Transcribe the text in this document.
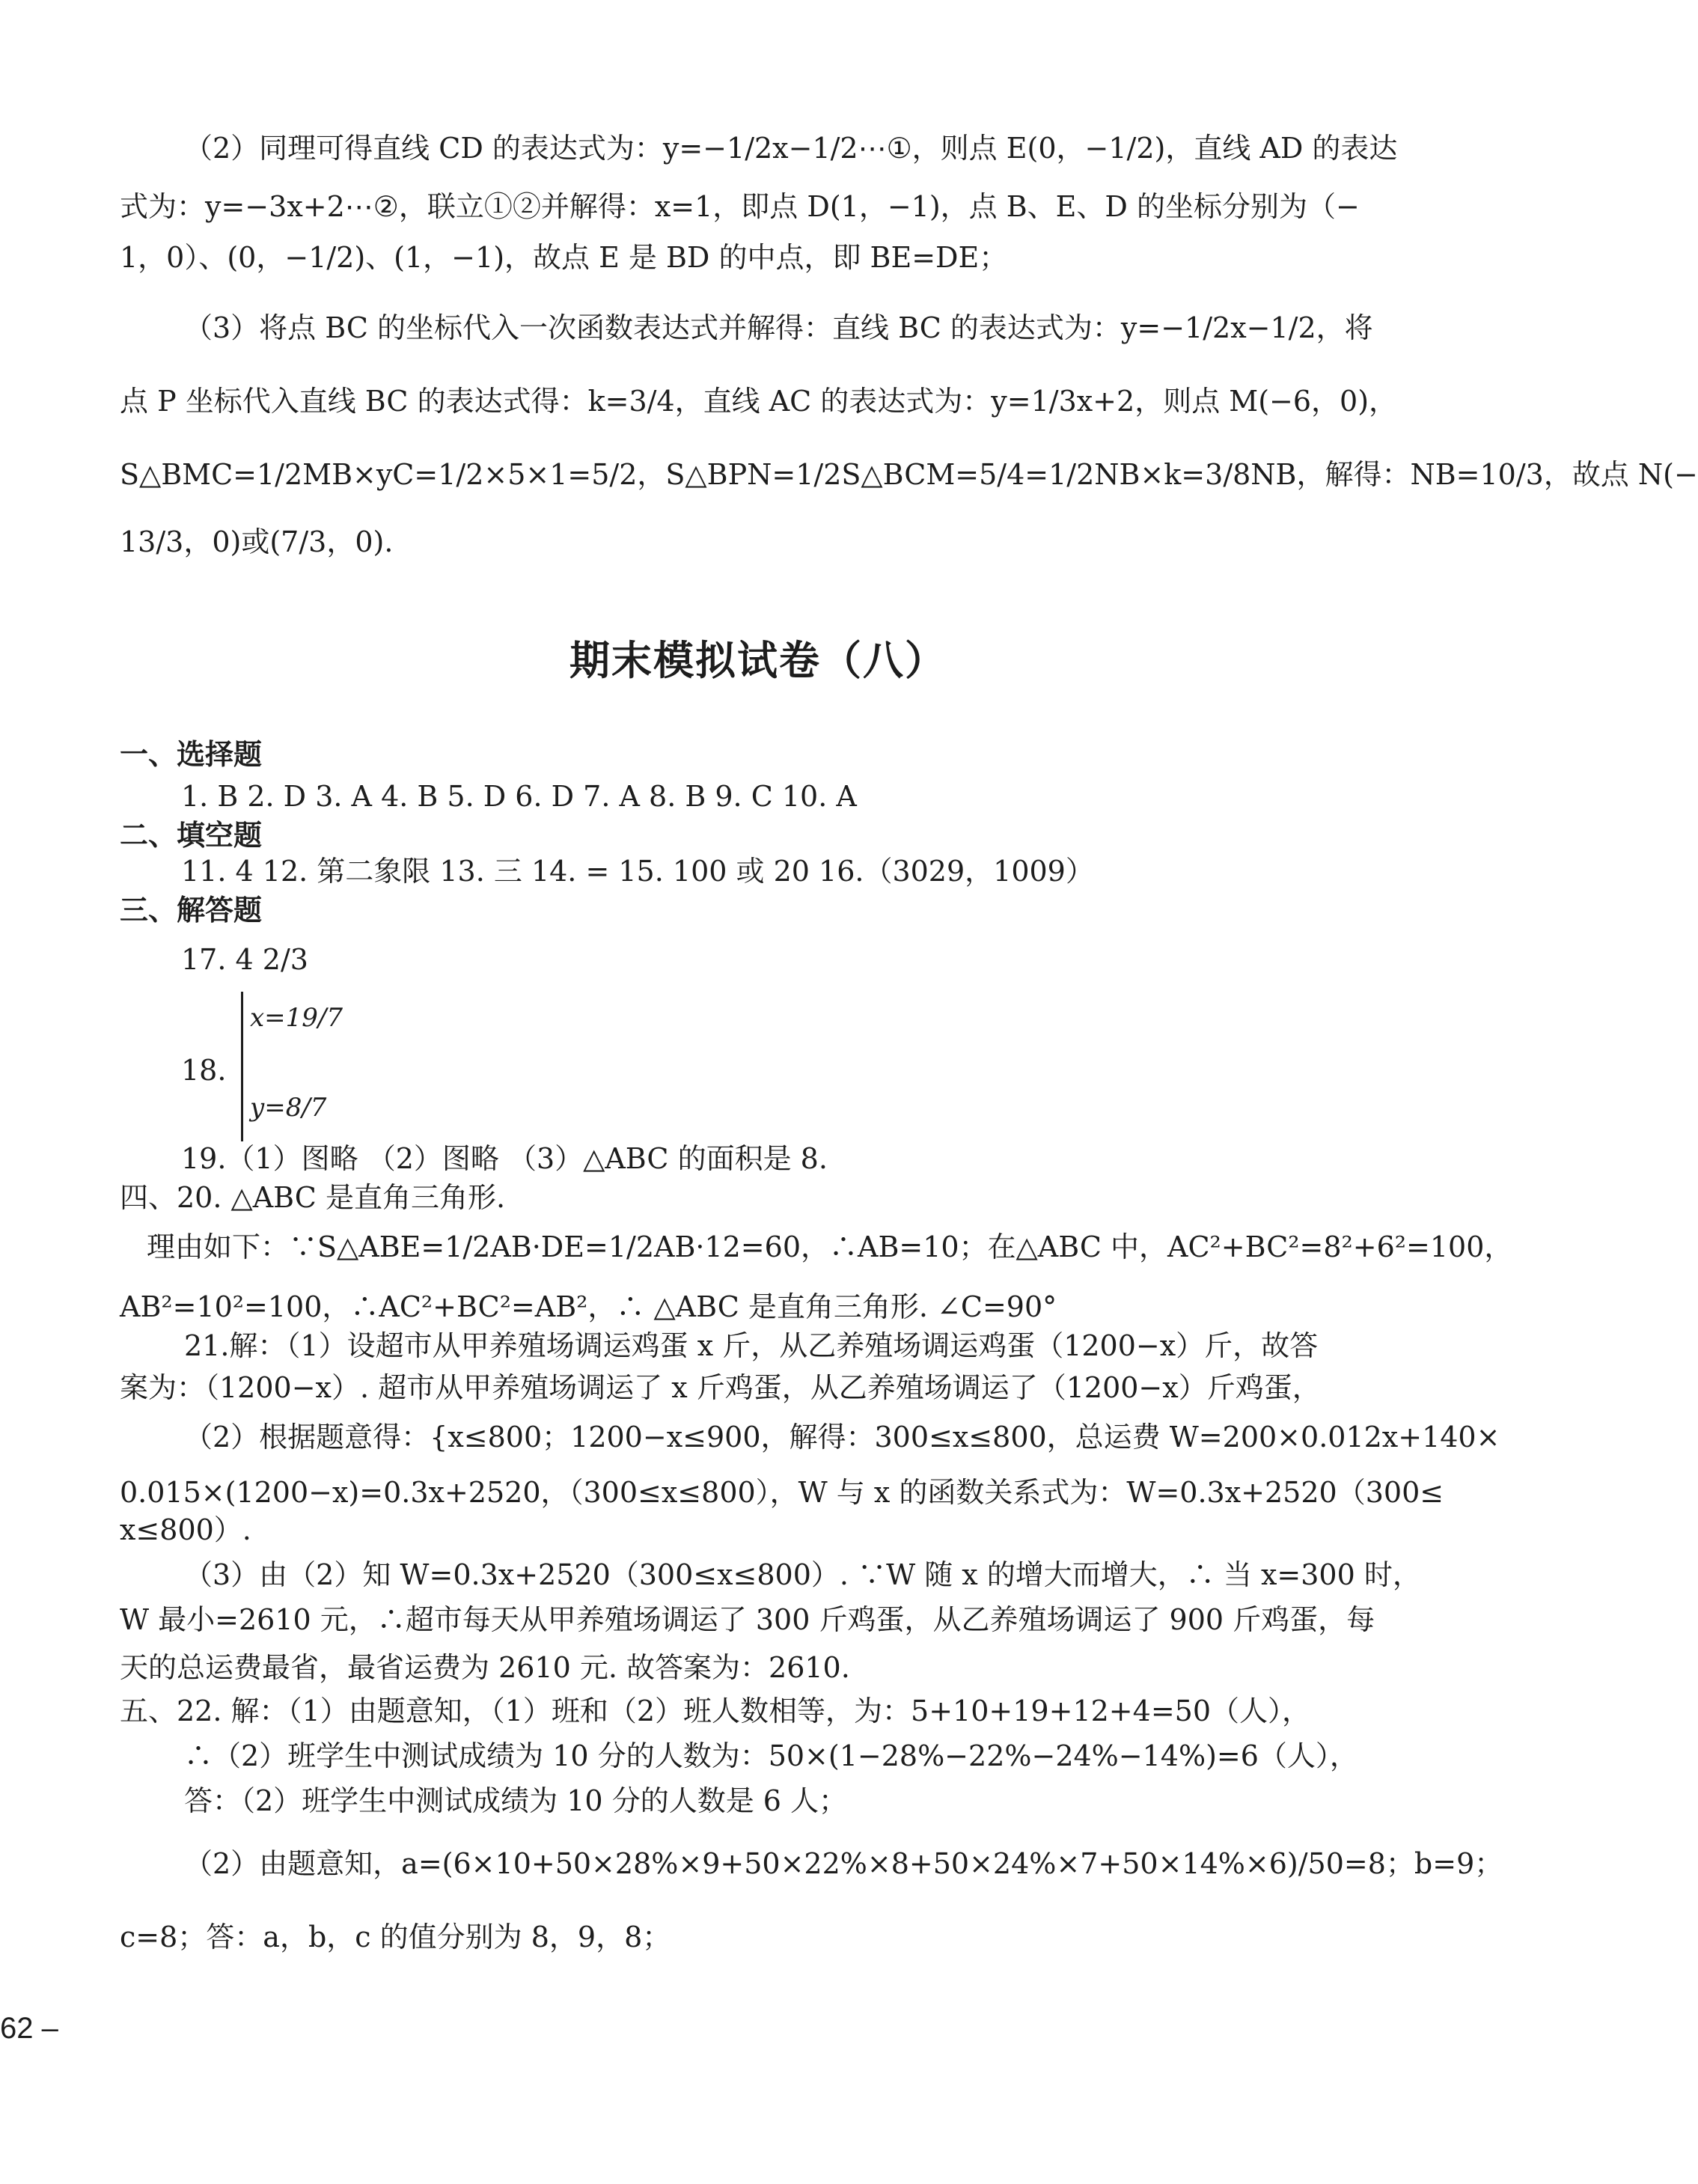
（2）同理可得直线 CD 的表达式为：y=−1/2x−1/2⋯①，则点 E(0，−1/2)，直线 AD 的表达
式为：y=−3x+2⋯②，联立①②并解得：x=1，即点 D(1，−1)，点 B、E、D 的坐标分别为（−
1，0）、(0，−1/2)、(1，−1)，故点 E 是 BD 的中点，即 BE=DE；
（3）将点 BC 的坐标代入一次函数表达式并解得：直线 BC 的表达式为：y=−1/2x−1/2，将
点 P 坐标代入直线 BC 的表达式得：k=3/4，直线 AC 的表达式为：y=1/3x+2，则点 M(−6，0)，
S△BMC=1/2MB×yC=1/2×5×1=5/2，S△BPN=1/2S△BCM=5/4=1/2NB×k=3/8NB，解得：NB=10/3，故点 N(−
13/3，0)或(7/3，0).
期末模拟试卷（八）
一、选择题
1. B 2. D 3. A 4. B 5. D 6. D 7. A 8. B 9. C 10. A
二、填空题
11. 4 12. 第二象限 13. 三 14. = 15. 100 或 20 16.（3029，1009）
三、解答题
17. 4 2/3
18.
x=19/7
y=8/7
19.（1）图略 （2）图略 （3）△ABC 的面积是 8.
四、20. △ABC 是直角三角形.
理由如下：∵S△ABE=1/2AB·DE=1/2AB·12=60，∴AB=10；在△ABC 中，AC²+BC²=8²+6²=100，
AB²=10²=100，∴AC²+BC²=AB²，∴ △ABC 是直角三角形. ∠C=90°
21.解：（1）设超市从甲养殖场调运鸡蛋 x 斤，从乙养殖场调运鸡蛋（1200−x）斤，故答
案为：（1200−x）. 超市从甲养殖场调运了 x 斤鸡蛋，从乙养殖场调运了（1200−x）斤鸡蛋，
（2）根据题意得：{x≤800；1200−x≤900，解得：300≤x≤800，总运费 W=200×0.012x+140×
0.015×(1200−x)=0.3x+2520，（300≤x≤800），W 与 x 的函数关系式为：W=0.3x+2520（300≤
x≤800）.
（3）由（2）知 W=0.3x+2520（300≤x≤800）. ∵W 随 x 的增大而增大，∴ 当 x=300 时，
W 最小=2610 元，∴超市每天从甲养殖场调运了 300 斤鸡蛋，从乙养殖场调运了 900 斤鸡蛋，每
天的总运费最省，最省运费为 2610 元. 故答案为：2610.
五、22. 解：（1）由题意知，（1）班和（2）班人数相等，为：5+10+19+12+4=50（人），
∴（2）班学生中测试成绩为 10 分的人数为：50×(1−28%−22%−24%−14%)=6（人），
答：（2）班学生中测试成绩为 10 分的人数是 6 人；
（2）由题意知，a=(6×10+50×28%×9+50×22%×8+50×24%×7+50×14%×6)/50=8；b=9；
c=8；答：a，b，c 的值分别为 8，9，8；
62 –
